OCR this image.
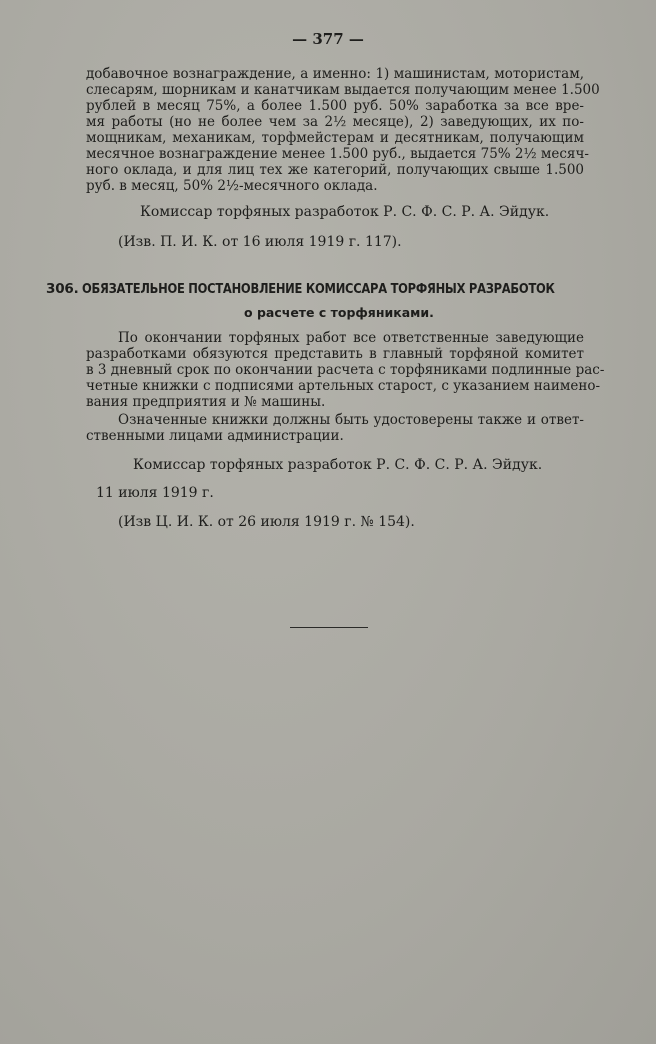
— 377 —
добавочное вознаграждение, а именно: 1) машинистам, мотористам,
слесарям, шорникам и канатчикам выдается получающим менее 1.500
рублей в месяц 75%, а более 1.500 руб. 50% заработка за все вре-
мя работы (но не более чем за 2½ месяце), 2) заведующих, их по-
мощникам, механикам, торфмейстерам и десятникам, получающим
месячное вознаграждение менее 1.500 руб., выдается 75% 2½ месяч-
ного оклада, и для лиц тех же категорий, получающих свыше 1.500
руб. в месяц, 50% 2½-месячного оклада.
Комиссар торфяных разработок Р. С. Ф. С. Р. А. Эйдук.
(Изв. П. И. К. от 16 июля 1919 г. 117).
306. ОБЯЗАТЕЛЬНОЕ ПОСТАНОВЛЕНИЕ КОМИССАРА ТОРФЯНЫХ РАЗРАБОТОК
о расчете с торфяниками.
По окончании торфяных работ все ответственные заведующие
разработками обязуются представить в главный торфяной комитет
в 3 дневный срок по окончании расчета с торфяниками подлинные рас-
четные книжки с подписями артельных старост, с указанием наимено-
вания предприятия и № машины.
Означенные книжки должны быть удостоверены также и ответ-
ственными лицами администрации.
Комиссар торфяных разработок Р. С. Ф. С. Р. А. Эйдук.
11 июля 1919 г.
(Изв Ц. И. К. от 26 июля 1919 г. № 154).
